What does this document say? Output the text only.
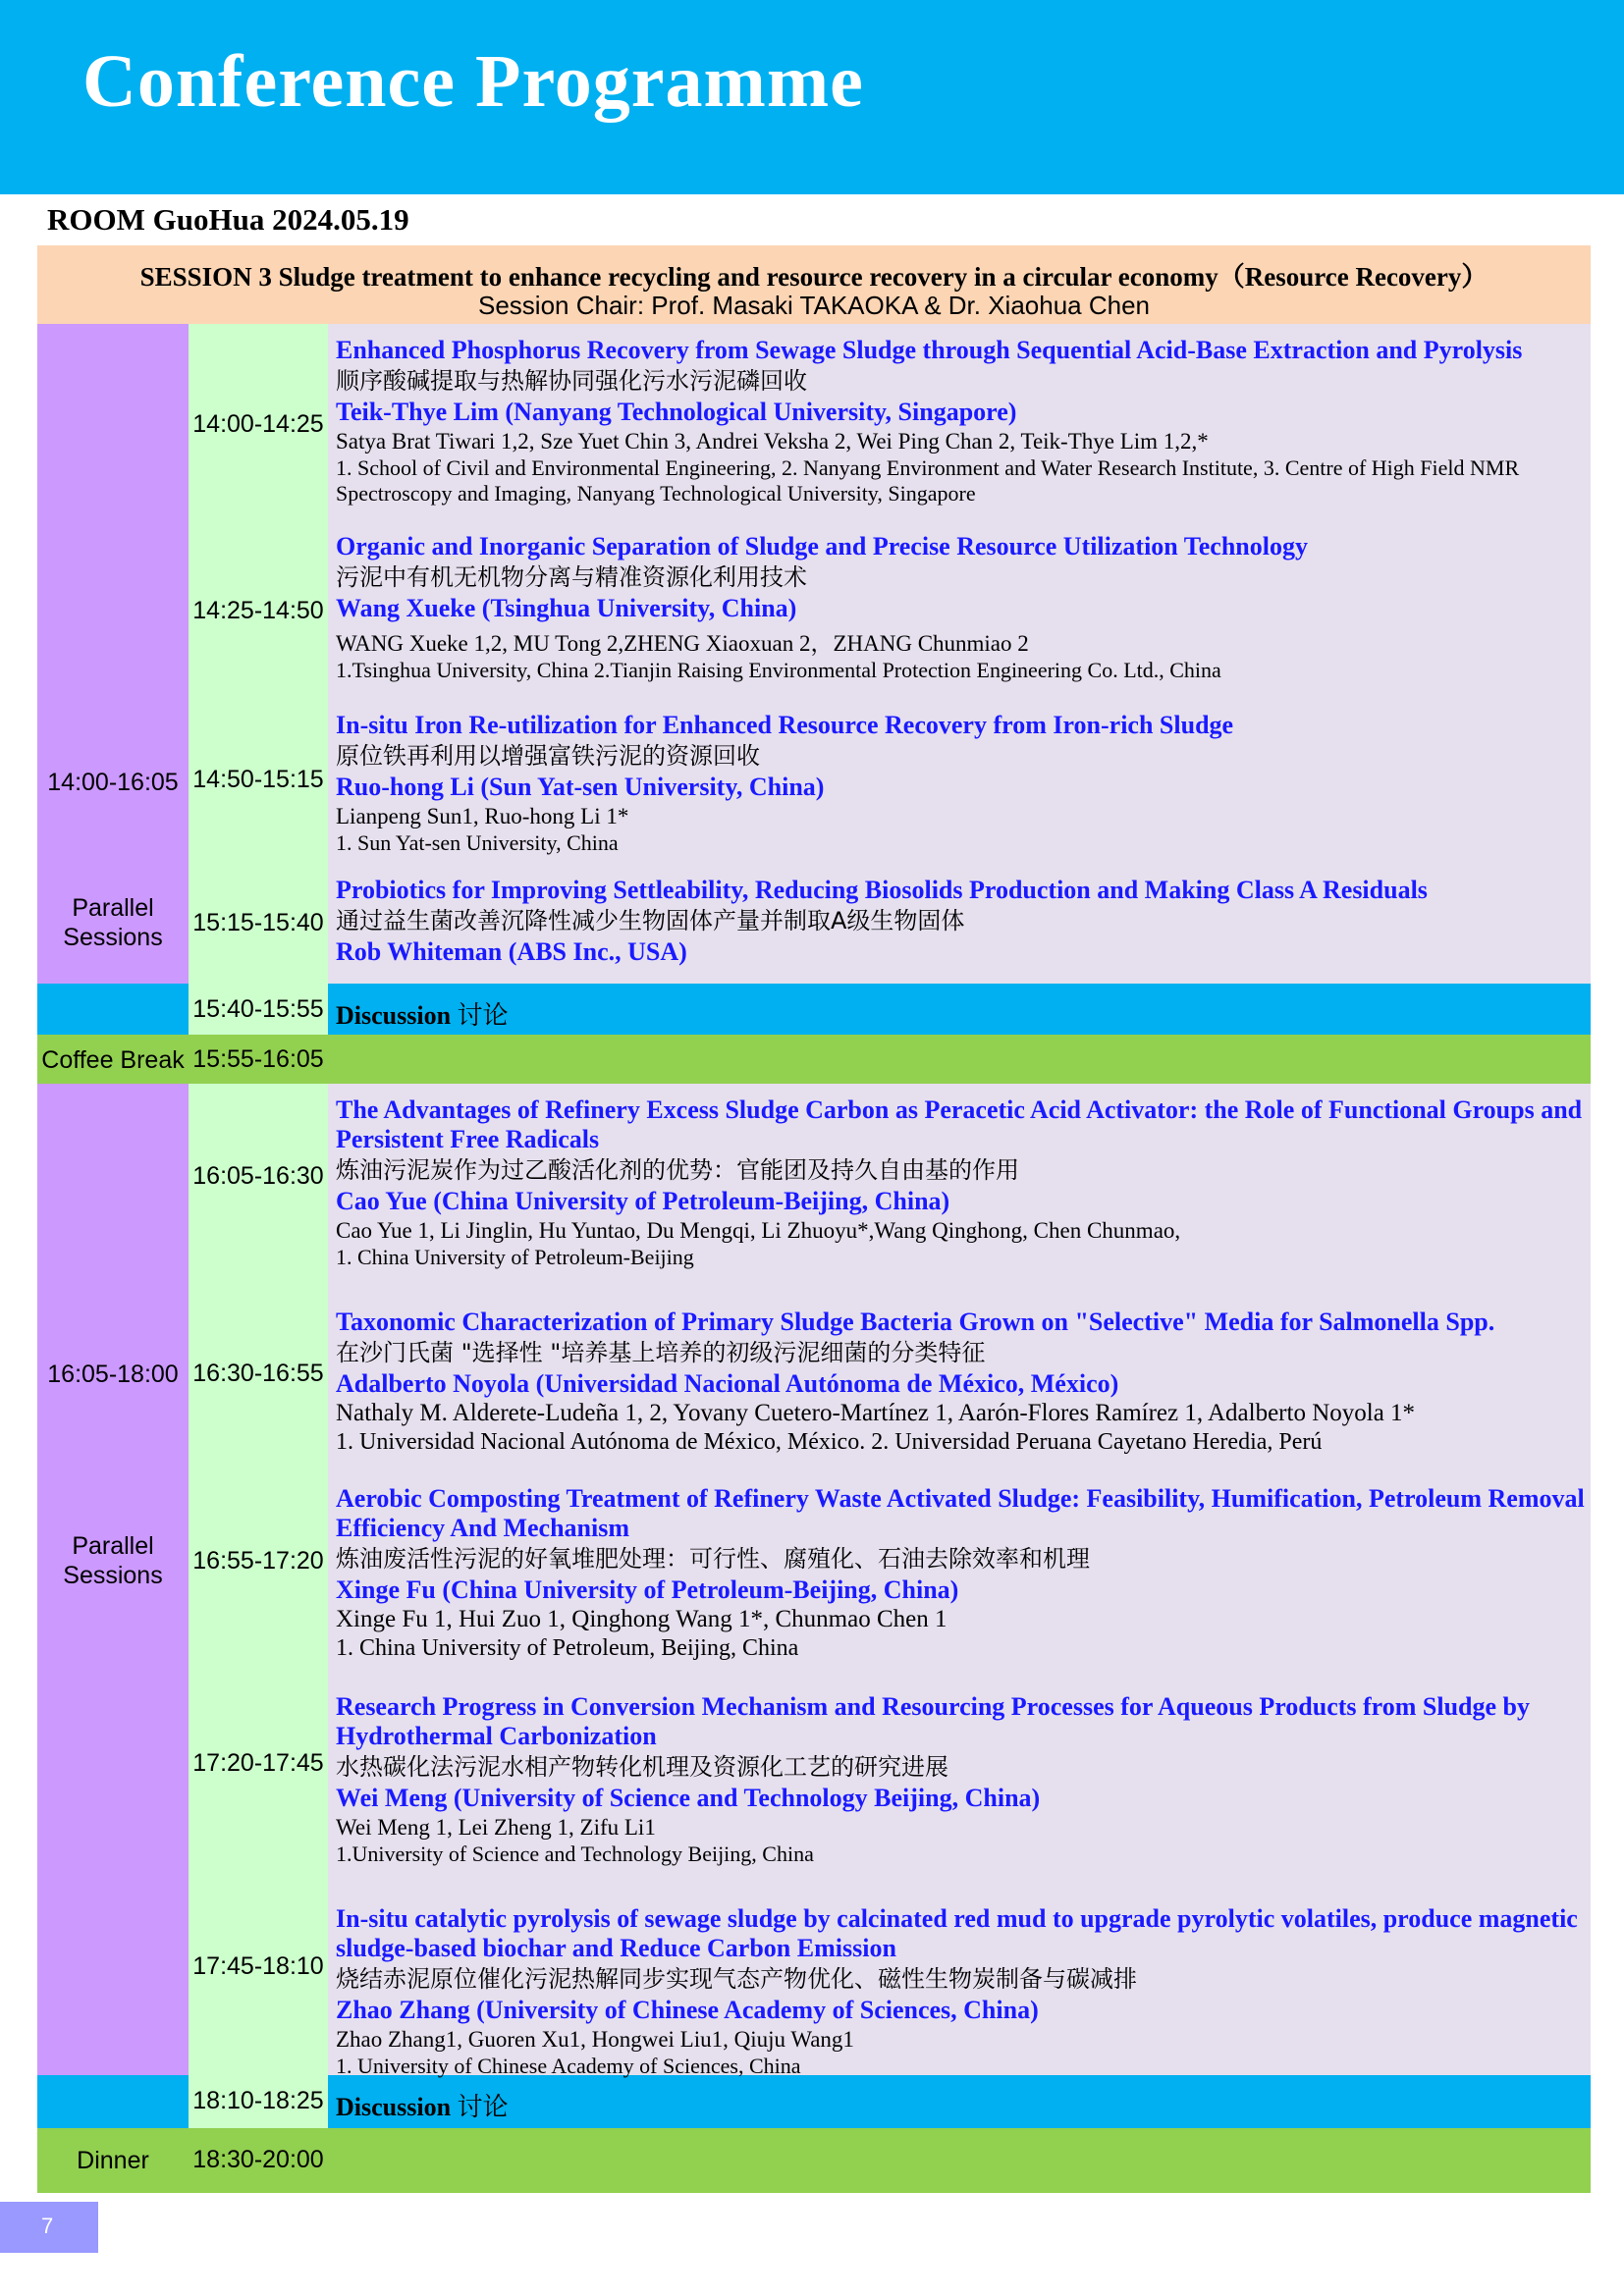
Conference Programme
ROOM GuoHua 2024.05.19
SESSION 3 Sludge treatment to enhance recycling and resource recovery in a circular economy（Resource Recovery）
Session Chair: Prof. Masaki TAKAOKA & Dr. Xiaohua Chen
14:00-16:05
Parallel Sessions
15:40-15:55 Discussion 讨论
Coffee Break 15:55-16:05
16:05-18:00
Parallel Sessions
18:10-18:25 Discussion 讨论
Dinner	18:30-20:00
14:00-14:25
14:25-14:50
14:50-15:15
15:15-15:40
16:05-16:30
16:30-16:55
16:55-17:20
17:20-17:45
17:45-18:10
Enhanced Phosphorus Recovery from Sewage Sludge through Sequential Acid-Base Extraction and Pyrolysis
顺序酸碱提取与热解协同强化污水污泥磷回收
Teik-Thye Lim (Nanyang Technological University, Singapore)
Satya Brat Tiwari 1,2, Sze Yuet Chin 3, Andrei Veksha 2, Wei Ping Chan 2, Teik-Thye Lim 1,2,*
1. School of Civil and Environmental Engineering, 2. Nanyang Environment and Water Research Institute, 3. Centre of High Field NMR Spectroscopy and Imaging, Nanyang Technological University, Singapore
Organic and Inorganic Separation of Sludge and Precise Resource Utilization Technology
污泥中有机无机物分离与精准资源化利用技术
Wang Xueke (Tsinghua University, China)
WANG Xueke 1,2, MU Tong 2,ZHENG Xiaoxuan 2，ZHANG Chunmiao 2
1.Tsinghua University, China 2.Tianjin Raising Environmental Protection Engineering Co. Ltd., China
In-situ Iron Re-utilization for Enhanced Resource Recovery from Iron-rich Sludge
原位铁再利用以增强富铁污泥的资源回收
Ruo-hong Li (Sun Yat-sen University, China)
Lianpeng Sun1, Ruo-hong Li 1*
1. Sun Yat-sen University, China
Probiotics for Improving Settleability, Reducing Biosolids Production and Making Class A Residuals
通过益生菌改善沉降性减少生物固体产量并制取A级生物固体
Rob Whiteman (ABS Inc., USA)
The Advantages of Refinery Excess Sludge Carbon as Peracetic Acid Activator: the Role of Functional Groups and Persistent Free Radicals
炼油污泥炭作为过乙酸活化剂的优势：官能团及持久自由基的作用
Cao Yue (China University of Petroleum-Beijing, China)
Cao Yue 1, Li Jinglin, Hu Yuntao, Du Mengqi, Li Zhuoyu*,Wang Qinghong, Chen Chunmao,
1. China University of Petroleum-Beijing
Taxonomic Characterization of Primary Sludge Bacteria Grown on "Selective" Media for Salmonella Spp.
在沙门氏菌 "选择性 "培养基上培养的初级污泥细菌的分类特征
Adalberto Noyola (Universidad Nacional Autónoma de México, México)
Nathaly M. Alderete-Ludeña 1, 2, Yovany Cuetero-Martínez 1, Aarón-Flores Ramírez 1, Adalberto Noyola 1*
1. Universidad Nacional Autónoma de México, México. 2. Universidad Peruana Cayetano Heredia, Perú
Aerobic Composting Treatment of Refinery Waste Activated Sludge: Feasibility, Humification, Petroleum Removal Efficiency And Mechanism
炼油废活性污泥的好氧堆肥处理：可行性、腐殖化、石油去除效率和机理
Xinge Fu (China University of Petroleum-Beijing, China)
Xinge Fu 1, Hui Zuo 1, Qinghong Wang 1*, Chunmao Chen 1
1. China University of Petroleum, Beijing, China
Research Progress in Conversion Mechanism and Resourcing Processes for Aqueous Products from Sludge by Hydrothermal Carbonization
水热碳化法污泥水相产物转化机理及资源化工艺的研究进展
Wei Meng (University of Science and Technology Beijing, China)
Wei Meng 1, Lei Zheng 1, Zifu Li1
1.University of Science and Technology Beijing, China
In-situ catalytic pyrolysis of sewage sludge by calcinated red mud to upgrade pyrolytic volatiles, produce magnetic sludge-based biochar and Reduce Carbon Emission
烧结赤泥原位催化污泥热解同步实现气态产物优化、磁性生物炭制备与碳减排
Zhao Zhang (University of Chinese Academy of Sciences, China)
Zhao Zhang1, Guoren Xu1, Hongwei Liu1, Qiuju Wang1
1. University of Chinese Academy of Sciences, China
7
